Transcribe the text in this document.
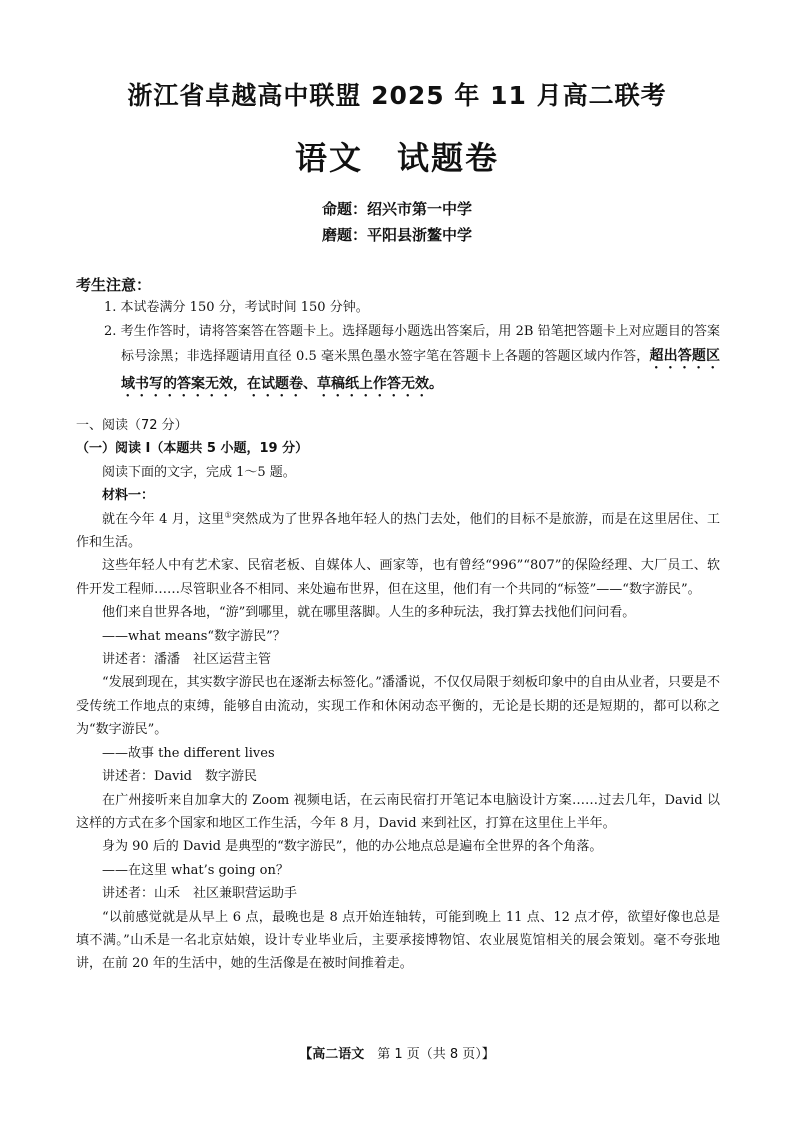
浙江省卓越高中联盟 2025 年 11 月高二联考
语文　试题卷
命题：绍兴市第一中学
磨题：平阳县浙鳌中学
考生注意：
1. 本试卷满分 150 分，考试时间 150 分钟。
2. 考生作答时，请将答案答在答题卡上。选择题每小题选出答案后，用 2B 铅笔把答题卡上对应题目的答案标号涂黑；非选择题请用直径 0.5 毫米黑色墨水签字笔在答题卡上各题的答题区域内作答，超出答题区域书写的答案无效，在试题卷、草稿纸上作答无效。

一、阅读（72 分）

（一）阅读 Ⅰ（本题共 5 小题，19 分）

阅读下面的文字，完成 1～5 题。

材料一：

就在今年 4 月，这里①突然成为了世界各地年轻人的热门去处，他们的目标不是旅游，而是在这里居住、工作和生活。

这些年轻人中有艺术家、民宿老板、自媒体人、画家等，也有曾经“996”“807”的保险经理、大厂员工、软件开发工程师……尽管职业各不相同、来处遍布世界，但在这里，他们有一个共同的“标签”——“数字游民”。

他们来自世界各地，“游”到哪里，就在哪里落脚。人生的多种玩法，我打算去找他们问问看。

——what means“数字游民”？

讲述者：潘潘　社区运营主管

“发展到现在，其实数字游民也在逐渐去标签化。”潘潘说，不仅仅局限于刻板印象中的自由从业者，只要是不受传统工作地点的束缚，能够自由流动，实现工作和休闲动态平衡的，无论是长期的还是短期的，都可以称之为“数字游民”。

——故事 the different lives

讲述者：David　数字游民

在广州接听来自加拿大的 Zoom 视频电话，在云南民宿打开笔记本电脑设计方案……过去几年，David 以这样的方式在多个国家和地区工作生活，今年 8 月，David 来到社区，打算在这里住上半年。

身为 90 后的 David 是典型的“数字游民”，他的办公地点总是遍布全世界的各个角落。

——在这里 what’s going on？

讲述者：山禾　社区兼职营运助手

“以前感觉就是从早上 6 点，最晚也是 8 点开始连轴转，可能到晚上 11 点、12 点才停，欲望好像也总是填不满。”山禾是一名北京姑娘，设计专业毕业后，主要承接博物馆、农业展览馆相关的展会策划。毫不夸张地讲，在前 20 年的生活中，她的生活像是在被时间推着走。

【高二语文　 第 1 页（共 8 页）】
